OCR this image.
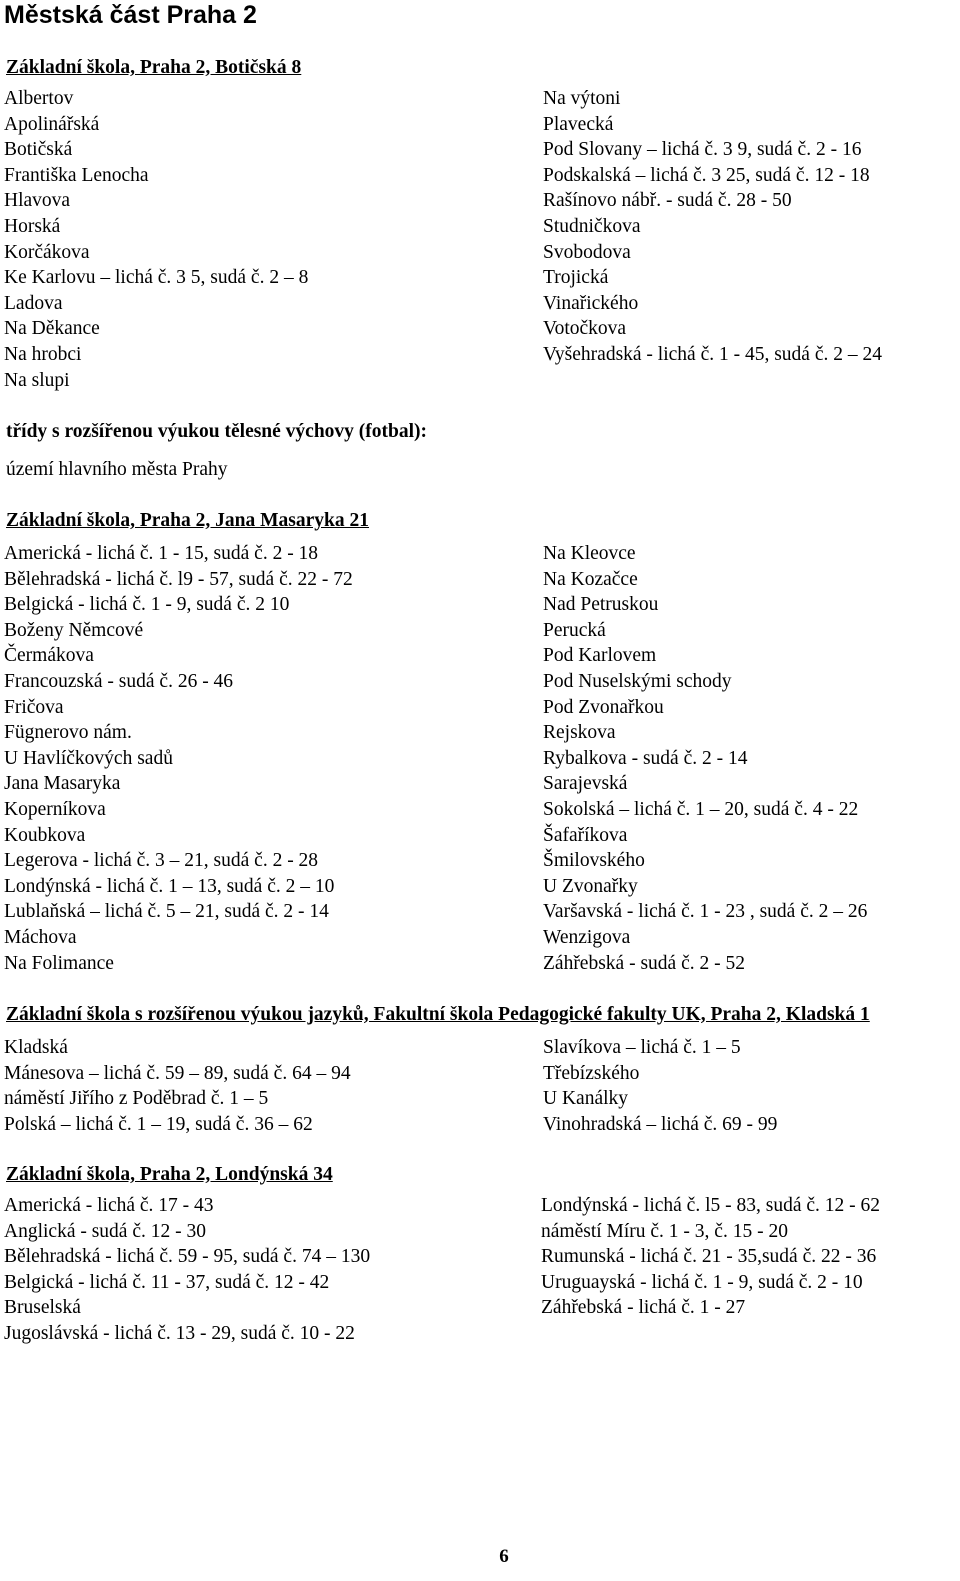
Městská část Praha 2
Základní škola, Praha 2, Botičská 8
Albertov
Apolinářská
Botičská
Františka Lenocha
Hlavova
Horská
Korčákova
Ke Karlovu – lichá č. 3 5, sudá č. 2 – 8
Ladova
Na Děkance
Na hrobci
Na slupi
Na výtoni
Plavecká
Pod Slovany – lichá č. 3 9, sudá č. 2 - 16
Podskalská – lichá č. 3 25, sudá č. 12 - 18
Rašínovo nábř. - sudá č. 28 - 50
Studničkova
Svobodova
Trojická
Vinařického
Votočkova
Vyšehradská - lichá č. 1 - 45, sudá č. 2 – 24
třídy s rozšířenou výukou tělesné výchovy (fotbal):
území hlavního města Prahy
Základní škola, Praha 2, Jana Masaryka 21
Americká - lichá č. 1 - 15, sudá č. 2 - 18
Bělehradská - lichá č. l9 - 57, sudá č. 22 - 72
Belgická - lichá č. 1 - 9, sudá č. 2 10
Boženy Němcové
Čermákova
Francouzská - sudá č. 26 - 46
Fričova
Fügnerovo nám.
U Havlíčkových sadů
Jana Masaryka
Koperníkova
Koubkova
Legerova - lichá č. 3 – 21, sudá č. 2 - 28
Londýnská - lichá č. 1 – 13, sudá č. 2 – 10
Lublaňská – lichá č. 5 – 21, sudá č. 2 - 14
Máchova
Na Folimance
Na Kleovce
Na Kozačce
Nad Petruskou
Perucká
Pod Karlovem
Pod Nuselskými schody
Pod Zvonařkou
Rejskova
Rybalkova - sudá č. 2 - 14
Sarajevská
Sokolská – lichá č. 1 – 20, sudá č. 4 - 22
Šafaříkova
Šmilovského
U Zvonařky
Varšavská - lichá č. 1 - 23 , sudá č. 2 – 26
Wenzigova
Záhřebská - sudá č. 2 - 52
Základní škola s rozšířenou výukou jazyků, Fakultní škola Pedagogické fakulty UK, Praha 2, Kladská 1
Kladská
Mánesova – lichá č. 59 – 89, sudá č. 64 – 94
náměstí Jiřího z Poděbrad č. 1 – 5
Polská – lichá č. 1 – 19, sudá č. 36 – 62
Slavíkova – lichá č. 1 – 5
Třebízského
U Kanálky
Vinohradská – lichá č. 69 - 99
Základní škola, Praha 2, Londýnská 34
Americká - lichá č. 17 - 43
Anglická - sudá č. 12 - 30
Bělehradská - lichá č. 59 - 95, sudá č. 74 – 130
Belgická - lichá č. 11 - 37, sudá č. 12 - 42
Bruselská
Jugoslávská - lichá č. 13 - 29, sudá č. 10 - 22
Londýnská - lichá č. l5 - 83, sudá č. 12 - 62
náměstí Míru č. 1 - 3, č. 15 - 20
Rumunská - lichá č. 21 - 35,sudá č. 22 - 36
Uruguayská - lichá č. 1 - 9, sudá č. 2 - 10
Záhřebská - lichá č. 1 - 27
6
